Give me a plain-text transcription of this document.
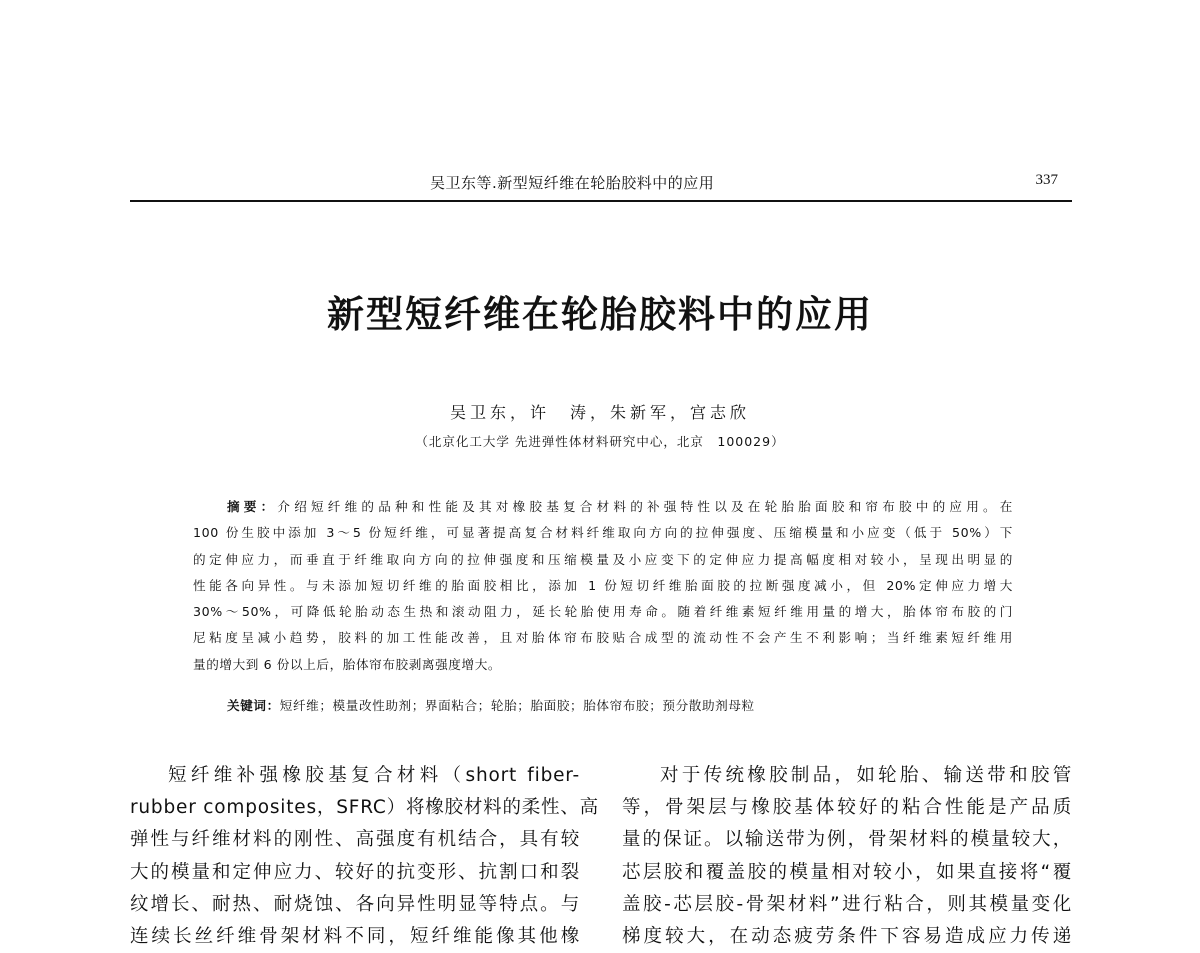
吴卫东等.新型短纤维在轮胎胶料中的应用	337
新型短纤维在轮胎胶料中的应用
吴卫东，许　涛，朱新军，宫志欣
（北京化工大学 先进弹性体材料研究中心，北京　100029）
摘要：介绍短纤维的品种和性能及其对橡胶基复合材料的补强特性以及在轮胎胎面胶和帘布胶中的应用。在
100 份生胶中添加 3～5 份短纤维，可显著提高复合材料纤维取向方向的拉伸强度、压缩模量和小应变（低于 50%）下
的定伸应力，而垂直于纤维取向方向的拉伸强度和压缩模量及小应变下的定伸应力提高幅度相对较小，呈现出明显的
性能各向异性。与未添加短切纤维的胎面胶相比，添加 1 份短切纤维胎面胶的拉断强度减小，但 20%定伸应力增大
30%～50%，可降低轮胎动态生热和滚动阻力，延长轮胎使用寿命。随着纤维素短纤维用量的增大，胎体帘布胶的门
尼粘度呈减小趋势，胶料的加工性能改善，且对胎体帘布胶贴合成型的流动性不会产生不利影响；当纤维素短纤维用
量的增大到 6 份以上后，胎体帘布胶剥离强度增大。
关键词：短纤维；模量改性助剂；界面粘合；轮胎；胎面胶；胎体帘布胶；预分散助剂母粒
短纤维补强橡胶基复合材料（short fiber-
rubber composites，SFRC）将橡胶材料的柔性、高
弹性与纤维材料的刚性、高强度有机结合，具有较
大的模量和定伸应力、较好的抗变形、抗割口和裂
纹增长、耐热、耐烧蚀、各向异性明显等特点。与
连续长丝纤维骨架材料不同，短纤维能像其他橡
对于传统橡胶制品，如轮胎、输送带和胶管
等，骨架层与橡胶基体较好的粘合性能是产品质
量的保证。以输送带为例，骨架材料的模量较大，
芯层胶和覆盖胶的模量相对较小，如果直接将“覆
盖胶-芯层胶-骨架材料”进行粘合，则其模量变化
梯度较大，在动态疲劳条件下容易造成应力传递
